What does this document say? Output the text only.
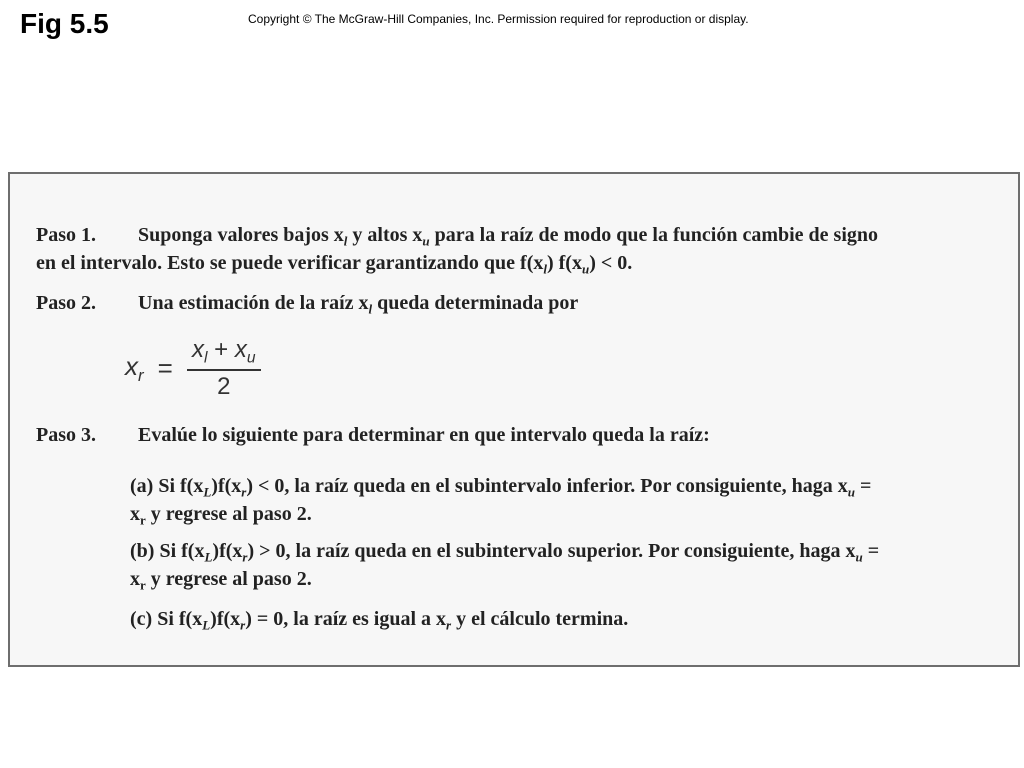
Fig 5.5	Copyright © The McGraw-Hill Companies, Inc. Permission required for reproduction or display.
Paso 1. Suponga valores bajos $x_l$ y altos $x_u$ para la raíz de modo que la función cambie de signo
en el intervalo. Esto se puede verificar garantizando que $f(x_l) f(x_u) < 0$.
Paso 2. Una estimación de la raíz $x_l$ queda determinada por
$x_r = \frac{x_l + x_u}{2}$
Paso 3. Evalúe lo siguiente para determinar en que intervalo queda la raíz:
(a) Si $f(x_L)f(x_r) < 0$, la raíz queda en el subintervalo inferior. Por consiguiente, haga $x_u$ =
$x_r$ y regrese al paso 2.
(b) Si $f(x_L)f(x_r) > 0$, la raíz queda en el subintervalo superior. Por consiguiente, haga $x_u$ =
$x_r$ y regrese al paso 2.
(c) Si $f(x_L)f(x_r) = 0$, la raíz es igual a $x_r$ y el cálculo termina.
